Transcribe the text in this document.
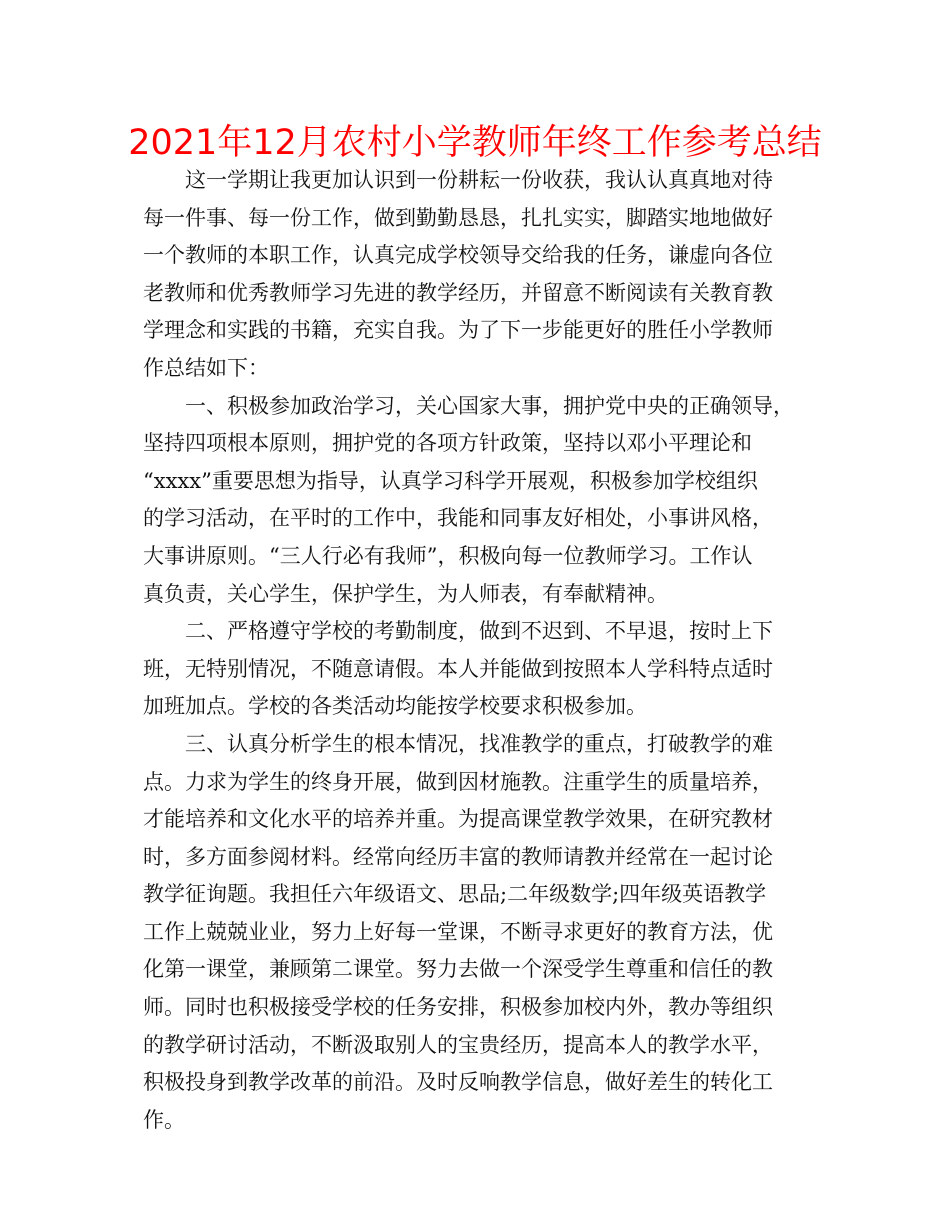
2021年12月农村小学教师年终工作参考总结
这一学期让我更加认识到一份耕耘一份收获，我认认真真地对待
每一件事、每一份工作，做到勤勤恳恳，扎扎实实，脚踏实地地做好
一个教师的本职工作，认真完成学校领导交给我的任务，谦虚向各位
老教师和优秀教师学习先进的教学经历，并留意不断阅读有关教育教
学理念和实践的书籍，充实自我。为了下一步能更好的胜任小学教师
作总结如下：
一、积极参加政治学习，关心国家大事，拥护党中央的正确领导，
坚持四项根本原则，拥护党的各项方针政策，坚持以邓小平理论和
“xxxx”重要思想为指导，认真学习科学开展观，积极参加学校组织
的学习活动，在平时的工作中，我能和同事友好相处，小事讲风格，
大事讲原则。“三人行必有我师”，积极向每一位教师学习。工作认
真负责，关心学生，保护学生，为人师表，有奉献精神。
二、严格遵守学校的考勤制度，做到不迟到、不早退，按时上下
班，无特别情况，不随意请假。本人并能做到按照本人学科特点适时
加班加点。学校的各类活动均能按学校要求积极参加。
三、认真分析学生的根本情况，找准教学的重点，打破教学的难
点。力求为学生的终身开展，做到因材施教。注重学生的质量培养，
才能培养和文化水平的培养并重。为提高课堂教学效果，在研究教材
时，多方面参阅材料。经常向经历丰富的教师请教并经常在一起讨论
教学征询题。我担任六年级语文、思品;二年级数学;四年级英语教学
工作上兢兢业业，努力上好每一堂课，不断寻求更好的教育方法，优
化第一课堂，兼顾第二课堂。努力去做一个深受学生尊重和信任的教
师。同时也积极接受学校的任务安排，积极参加校内外，教办等组织
的教学研讨活动，不断汲取别人的宝贵经历，提高本人的教学水平，
积极投身到教学改革的前沿。及时反响教学信息，做好差生的转化工
作。
